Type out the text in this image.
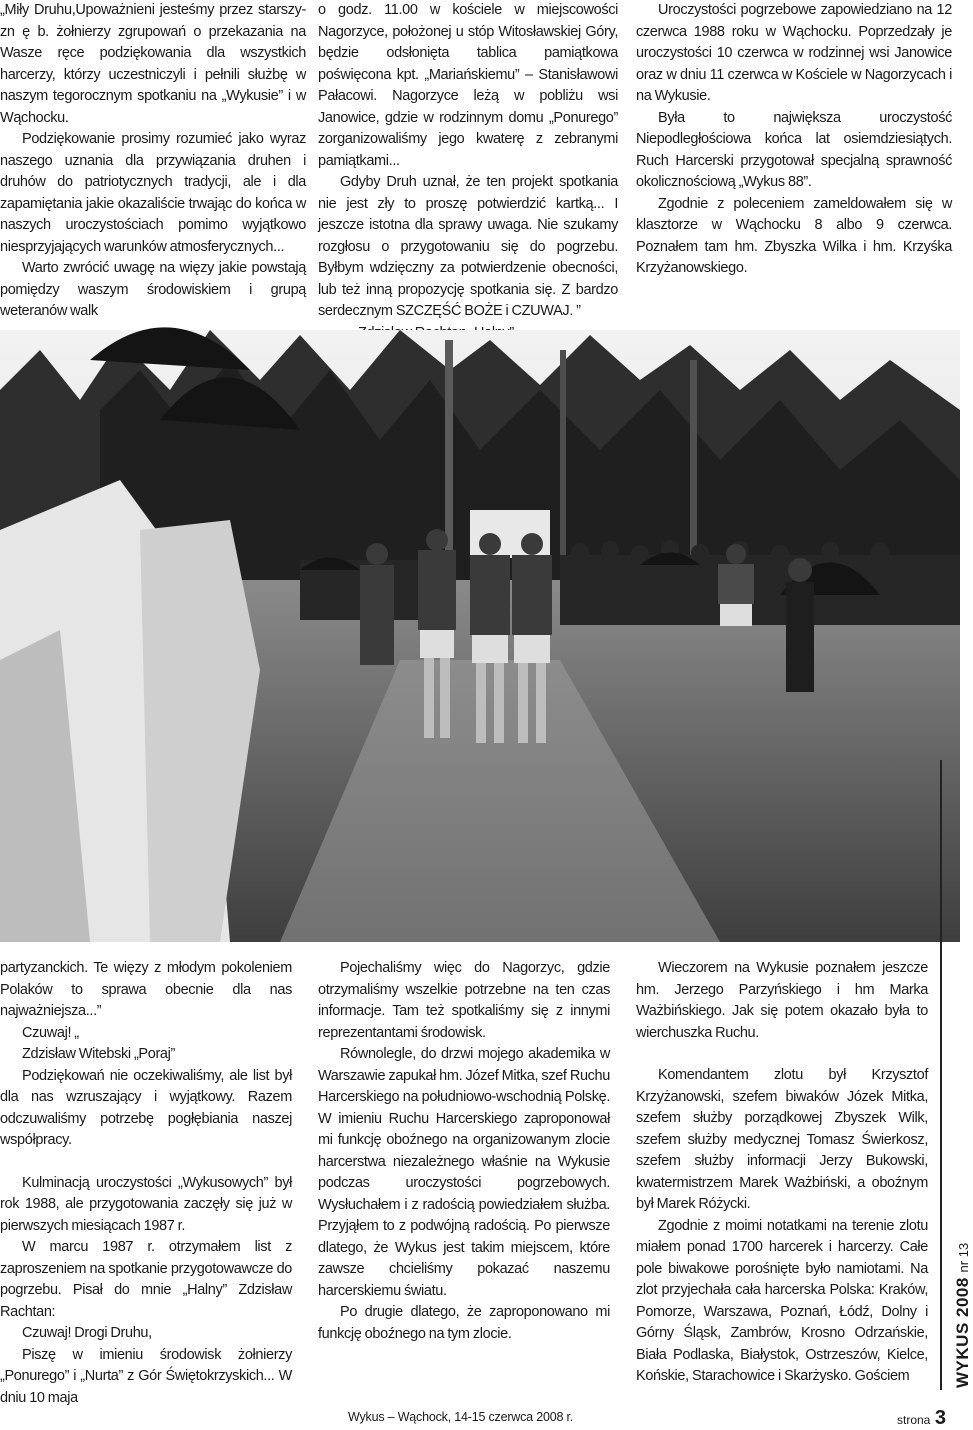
„Miły Druhu,Upoważnieni jesteśmy przez starszy-zn ę b. żołnierzy zgrupowań o przekazania na Wasze ręce podziękowania dla wszystkich harcerzy, którzy uczestniczyli i pełnili służbę w naszym tegorocznym spotkaniu na „Wykusie” i w Wąchocku.

Podziękowanie prosimy rozumieć jako wyraz naszego uznania dla przywiązania druhen i druhów do patriotycznych tradycji, ale i dla zapamiętania jakie okazaliście trwając do końca w naszych uroczystościach pomimo wyjątkowo niesprzyjających warunków atmosferycznych...

Warto zwrócić uwagę na więzy jakie powstają pomiędzy waszym środowiskiem i grupą weteranów walk

o godz. 11.00 w kościele w miejscowości Nagorzyce, położonej u stóp Witosławskiej Góry, będzie odsłonięta tablica pamiątkowa poświęcona kpt. „Mariańskiemu” – Stanisławowi Pałacowi. Nagorzyce leżą w pobliżu wsi Janowice, gdzie w rodzinnym domu „Ponurego” zorganizowaliśmy jego kwaterę z zebranymi pamiątkami...

Gdyby Druh uznał, że ten projekt spotkania nie jest zły to proszę potwierdzić kartką... I jeszcze istotna dla sprawy uwaga. Nie szukamy rozgłosu o przygotowaniu się do pogrzebu. Byłbym wdzięczny za potwierdzenie obecności, lub też inną propozycję spotkania się. Z bardzo serdecznym SZCZĘŚĆ BOŻE i CZUWAJ. ”

Uroczystości pogrzebowe zapowiedziano na 12 czerwca 1988 roku w Wąchocku. Poprzedzały je uroczystości 10 czerwca w rodzinnej wsi Janowice oraz w dniu 11 czerwca w Kościele w Nagorzycach i na Wykusie.

Była to największa uroczystość Niepodległościowa końca lat osiemdziesiątych. Ruch Harcerski przygotował specjalną sprawność okolicznościową „Wykus 88”.

Zgodnie z poleceniem zameldowałem się w klasztorze w Wąchocku 8 albo 9 czerwca. Poznałem tam hm. Zbyszka Wilka i hm. Krzyśka Krzyżanowskiego.

partyzanckich. Te więzy z młodym pokoleniem Polaków to sprawa obecnie dla nas najważniejsza...”

Czuwaj! „

Zdzisław Witebski „Poraj”

Podziękowań nie oczekiwaliśmy, ale list był dla nas wzruszający i wyjątkowy. Razem odczuwaliśmy potrzebę pogłębiania naszej współpracy.

Kulminacją uroczystości „Wykusowych” był rok 1988, ale przygotowania zaczęły się już w pierwszych miesiącach 1987 r.

W marcu 1987 r. otrzymałem list z zaproszeniem na spotkanie przygotowawcze do pogrzebu. Pisał do mnie „Halny” Zdzisław Rachtan:

Czuwaj! Drogi Druhu,

Piszę w imieniu środowisk żołnierzy „Ponurego” i „Nurta” z Gór Świętokrzyskich... W dniu 10 maja

Pojechaliśmy więc do Nagorzyc, gdzie otrzymaliśmy wszelkie potrzebne na ten czas informacje. Tam też spotkaliśmy się z innymi reprezentantami środowisk.

Równolegle, do drzwi mojego akademika w Warszawie zapukał hm. Józef Mitka, szef Ruchu Harcerskiego na południowo-wschodnią Polskę. W imieniu Ruchu Harcerskiego zaproponował mi funkcję oboźnego na organizowanym zlocie harcerstwa niezależnego właśnie na Wykusie podczas uroczystości pogrzebowych. Wysłuchałem i z radością powiedziałem służba. Przyjąłem to z podwójną radością. Po pierwsze dlatego, że Wykus jest takim miejscem, które zawsze chcieliśmy pokazać naszemu harcerskiemu światu.

Po drugie dlatego, że zaproponowano mi funkcję oboźnego na tym zlocie.

Wieczorem na Wykusie poznałem jeszcze hm. Jerzego Parzyńskiego i hm Marka Ważbińskiego. Jak się potem okazało była to wierchuszka Ruchu.

Komendantem zlotu był Krzysztof Krzyżanowski, szefem biwaków Józek Mitka, szefem służby porządkowej Zbyszek Wilk, szefem służby medycznej Tomasz Świerkosz, szefem służby informacji Jerzy Bukowski, kwatermistrzem Marek Ważbiński, a oboźnym był Marek Różycki.

Zgodnie z moimi notatkami na terenie zlotu miałem ponad 1700 harcerek i harcerzy. Całe pole biwakowe porośnięte było namiotami. Na zlot przyjechała cała harcerska Polska: Kraków, Pomorze, Warszawa, Poznań, Łódź, Dolny i Górny Śląsk, Zambrów, Krosno Odrzańskie, Biała Podlaska, Białystok, Ostrzeszów, Kielce, Końskie, Starachowice i Skarżysko. Gościem	WYKUS 2008 nr 13
Wykus – Wąchock, 14-15 czerwca 2008 r.	strona 3
